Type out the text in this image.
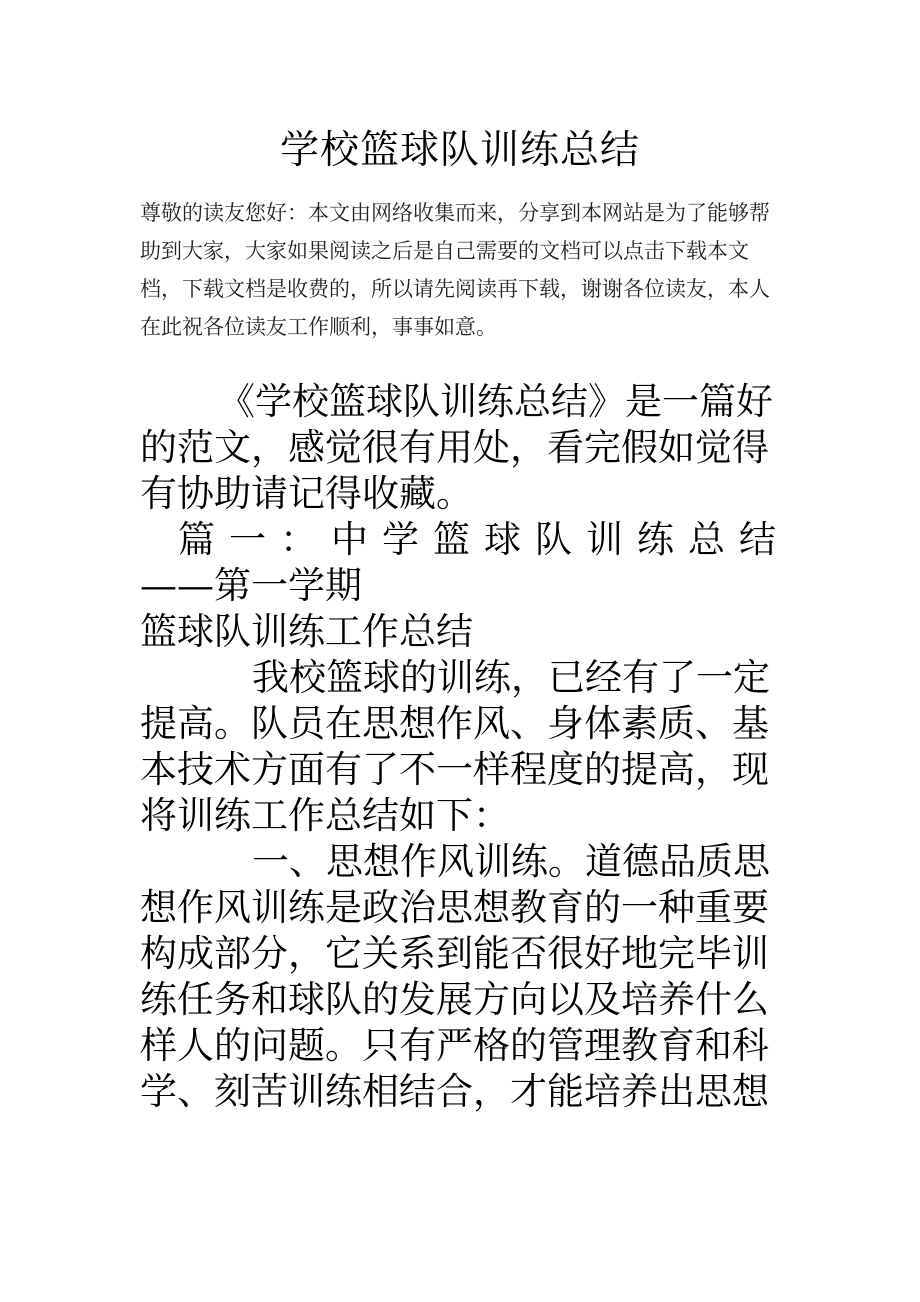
学校篮球队训练总结

尊敬的读友您好：本文由网络收集而来，分享到本网站是为了能够帮助到大家，大家如果阅读之后是自己需要的文档可以点击下载本文档，下载文档是收费的，所以请先阅读再下载，谢谢各位读友，本人在此祝各位读友工作顺利，事事如意。

《学校篮球队训练总结》是一篇好的范文，感觉很有用处，看完假如觉得有协助请记得收藏。

篇一：中学篮球队训练总结
——第一学期

篮球队训练工作总结

我校篮球的训练，已经有了一定提高。队员在思想作风、身体素质、基本技术方面有了不一样程度的提高，现将训练工作总结如下：

一、思想作风训练。道德品质思想作风训练是政治思想教育的一种重要构成部分，它关系到能否很好地完毕训练任务和球队的发展方向以及培养什么样人的问题。只有严格的管理教育和科学、刻苦训练相结合，才能培养出思想
